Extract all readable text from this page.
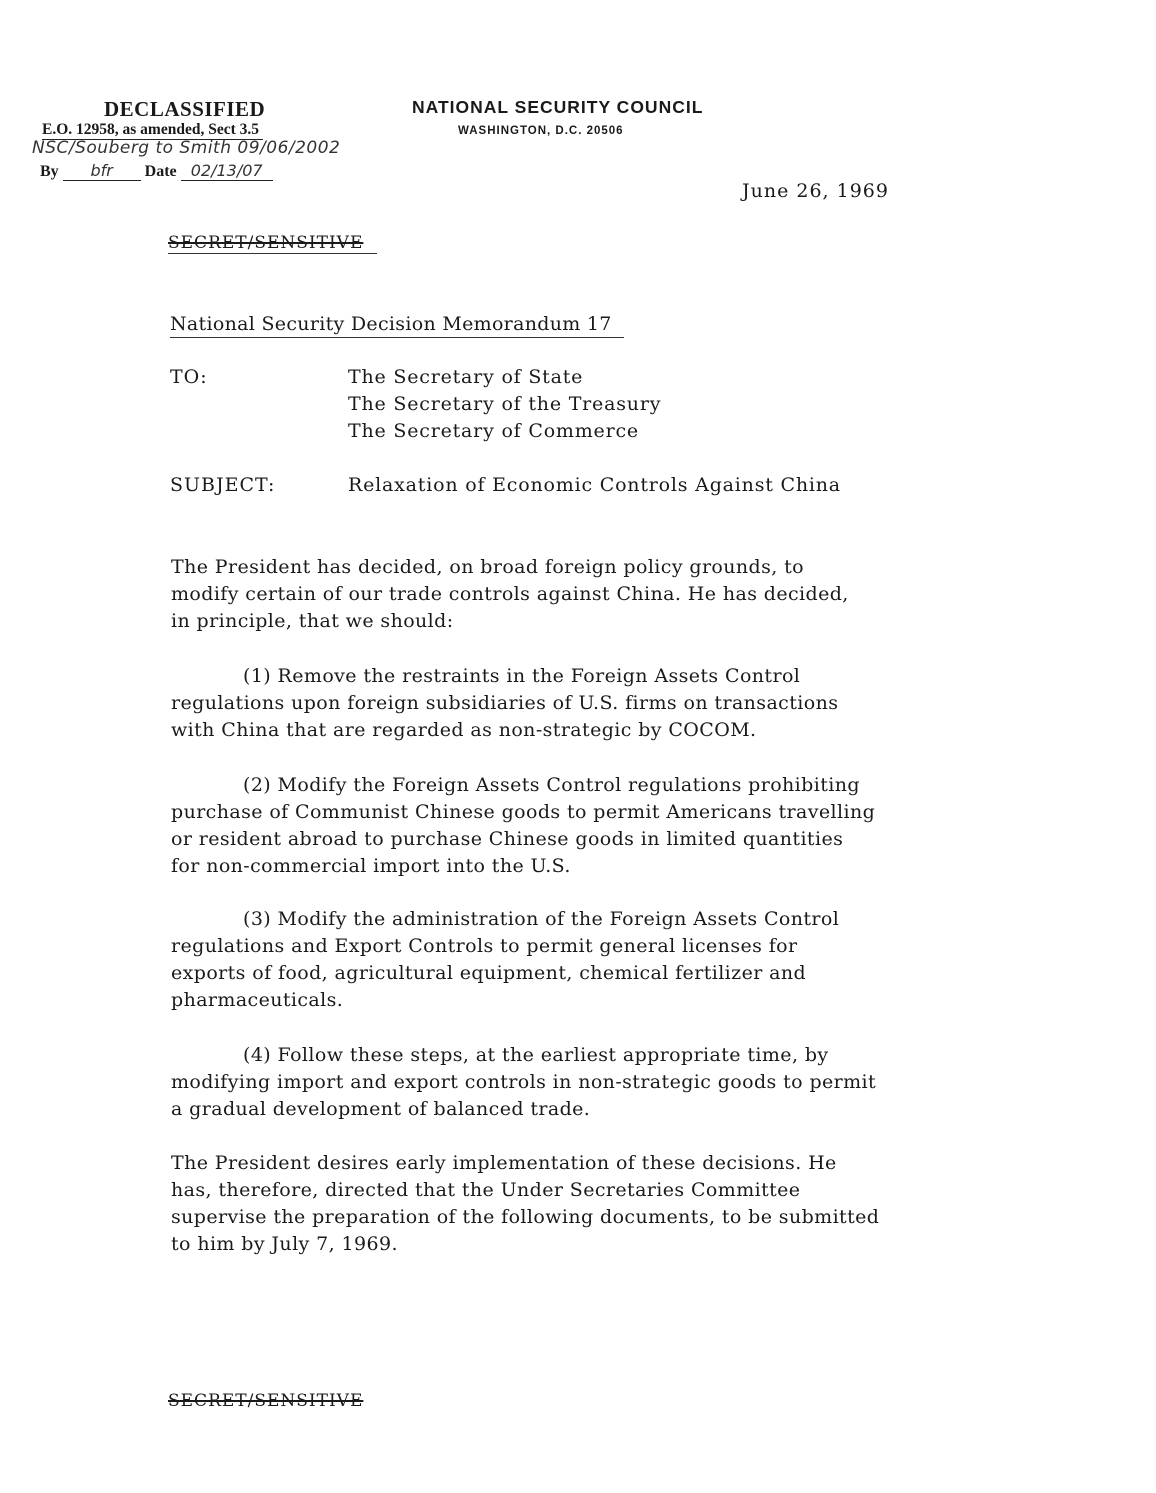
DECLASSIFIED
E.O. 12958, as amended, Sect 3.5
NSC/Souberg to Smith 09/06/2002
By bfr Date 02/13/07
NATIONAL SECURITY COUNCIL
WASHINGTON, D.C. 20506
June 26, 1969
SECRET/SENSITIVE
National Security Decision Memorandum 17
TO:	The Secretary of State
The Secretary of the Treasury
The Secretary of Commerce
SUBJECT:	Relaxation of Economic Controls Against China

The President has decided, on broad foreign policy grounds, to

modify certain of our trade controls against China. He has decided,

in principle, that we should:

(1) Remove the restraints in the Foreign Assets Control

regulations upon foreign subsidiaries of U.S. firms on transactions

with China that are regarded as non-strategic by COCOM.

(2) Modify the Foreign Assets Control regulations prohibiting

purchase of Communist Chinese goods to permit Americans travelling

or resident abroad to purchase Chinese goods in limited quantities

for non-commercial import into the U.S.

(3) Modify the administration of the Foreign Assets Control

regulations and Export Controls to permit general licenses for

exports of food, agricultural equipment, chemical fertilizer and

pharmaceuticals.

(4) Follow these steps, at the earliest appropriate time, by

modifying import and export controls in non-strategic goods to permit

a gradual development of balanced trade.

The President desires early implementation of these decisions. He

has, therefore, directed that the Under Secretaries Committee

supervise the preparation of the following documents, to be submitted

to him by July 7, 1969.

SECRET/SENSITIVE
